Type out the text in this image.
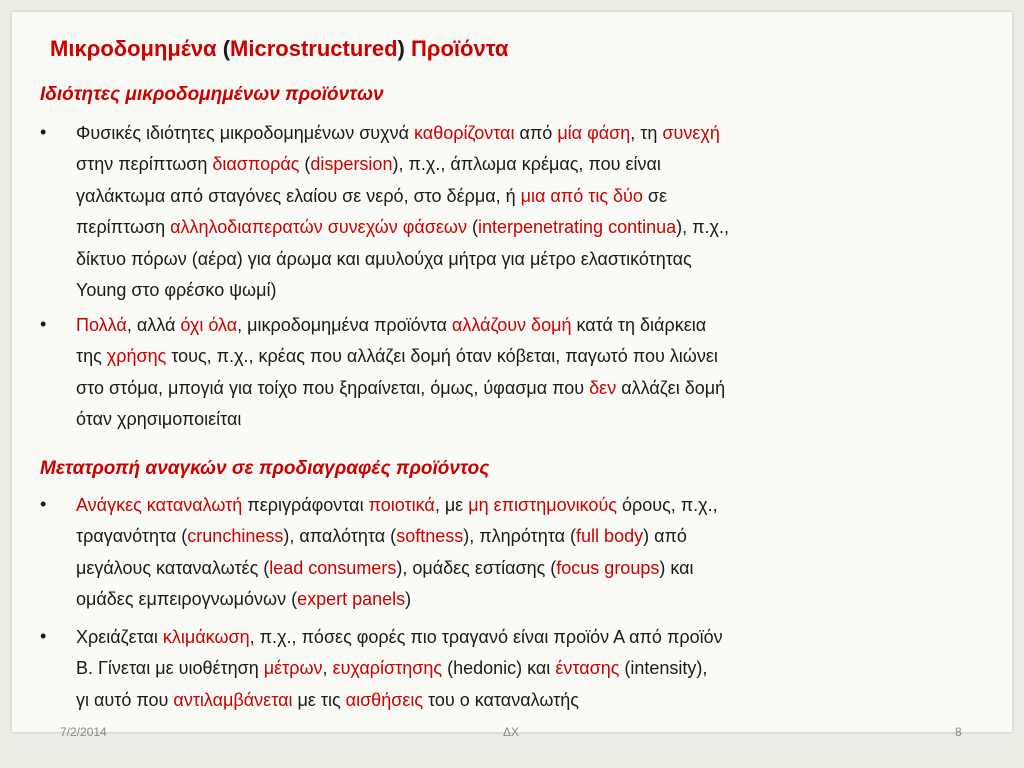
Μικροδομημένα (Microstructured) Προϊόντα
Ιδιότητες μικροδομημένων προϊόντων
• Φυσικές ιδιότητες μικροδομημένων συχνά καθορίζονται από μία φάση, τη συνεχή
στην περίπτωση διασποράς (dispersion), π.χ., άπλωμα κρέμας, που είναι
γαλάκτωμα από σταγόνες ελαίου σε νερό, στο δέρμα, ή μια από τις δύο σε
περίπτωση αλληλοδιαπερατών συνεχών φάσεων (interpenetrating continua), π.χ.,
δίκτυο πόρων (αέρα) για άρωμα και αμυλούχα μήτρα για μέτρο ελαστικότητας
Young στο φρέσκο ψωμί)
• Πολλά, αλλά όχι όλα, μικροδομημένα προϊόντα αλλάζουν δομή κατά τη διάρκεια
της χρήσης τους, π.χ., κρέας που αλλάζει δομή όταν κόβεται, παγωτό που λιώνει
στο στόμα, μπογιά για τοίχο που ξηραίνεται, όμως, ύφασμα που δεν αλλάζει δομή
όταν χρησιμοποιείται
Μετατροπή αναγκών σε προδιαγραφές προϊόντος
• Ανάγκες καταναλωτή περιγράφονται ποιοτικά, με μη επιστημονικούς όρους, π.χ.,
τραγανότητα (crunchiness), απαλότητα (softness), πληρότητα (full body) από
μεγάλους καταναλωτές (lead consumers), ομάδες εστίασης (focus groups) και
ομάδες εμπειρογνωμόνων (expert panels)
• Χρειάζεται κλιμάκωση, π.χ., πόσες φορές πιο τραγανό είναι προϊόν Α από προϊόν
Β. Γίνεται με υιοθέτηση μέτρων, ευχαρίστησης (hedonic) και έντασης (intensity),
γι αυτό που αντιλαμβάνεται με τις αισθήσεις του ο καταναλωτής
7/2/2014	ΔΧ	8
